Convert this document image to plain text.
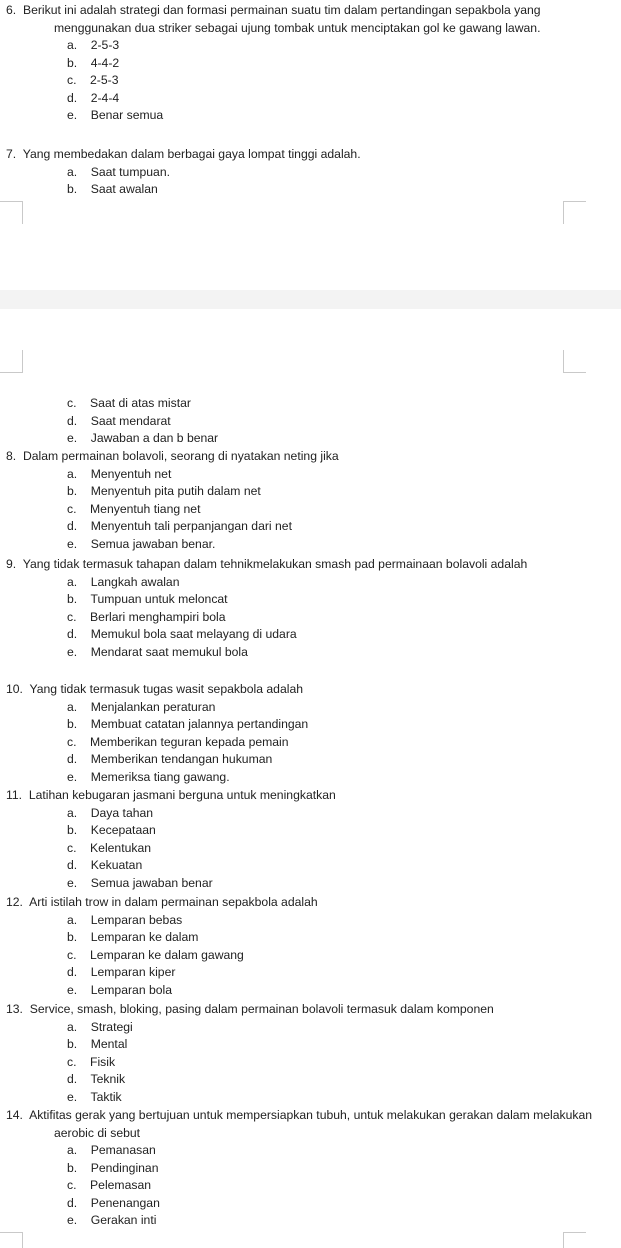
6. Berikut ini adalah strategi dan formasi permainan suatu tim dalam pertandingan sepakbola yang menggunakan dua striker sebagai ujung tombak untuk menciptakan gol ke gawang lawan.
a. 2-5-3
b. 4-4-2
c. 2-5-3
d. 2-4-4
e. Benar semua
7. Yang membedakan dalam berbagai gaya lompat tinggi adalah.
a. Saat tumpuan.
b. Saat awalan
c. Saat di atas mistar
d. Saat mendarat
e. Jawaban a dan b benar
8. Dalam permainan bolavoli, seorang di nyatakan neting jika
a. Menyentuh net
b. Menyentuh pita putih dalam net
c. Menyentuh tiang net
d. Menyentuh tali perpanjangan dari net
e. Semua jawaban benar.
9. Yang tidak termasuk tahapan dalam tehnikmelakukan smash pad permainaan bolavoli adalah
a. Langkah awalan
b. Tumpuan untuk meloncat
c. Berlari menghampiri bola
d. Memukul bola saat melayang di udara
e. Mendarat saat memukul bola
10. Yang tidak termasuk tugas wasit sepakbola adalah
a. Menjalankan peraturan
b. Membuat catatan jalannya pertandingan
c. Memberikan teguran kepada pemain
d. Memberikan tendangan hukuman
e. Memeriksa tiang gawang.
11. Latihan kebugaran jasmani berguna untuk meningkatkan
a. Daya tahan
b. Kecepataan
c. Kelentukan
d. Kekuatan
e. Semua jawaban benar
12. Arti istilah trow in dalam permainan sepakbola adalah
a. Lemparan bebas
b. Lemparan ke dalam
c. Lemparan ke dalam gawang
d. Lemparan kiper
e. Lemparan bola
13. Service, smash, bloking, pasing dalam permainan bolavoli termasuk dalam komponen
a. Strategi
b. Mental
c. Fisik
d. Teknik
e. Taktik
14. Aktifitas gerak yang bertujuan untuk mempersiapkan tubuh, untuk melakukan gerakan dalam melakukan aerobic di sebut
a. Pemanasan
b. Pendinginan
c. Pelemasan
d. Penenangan
e. Gerakan inti
